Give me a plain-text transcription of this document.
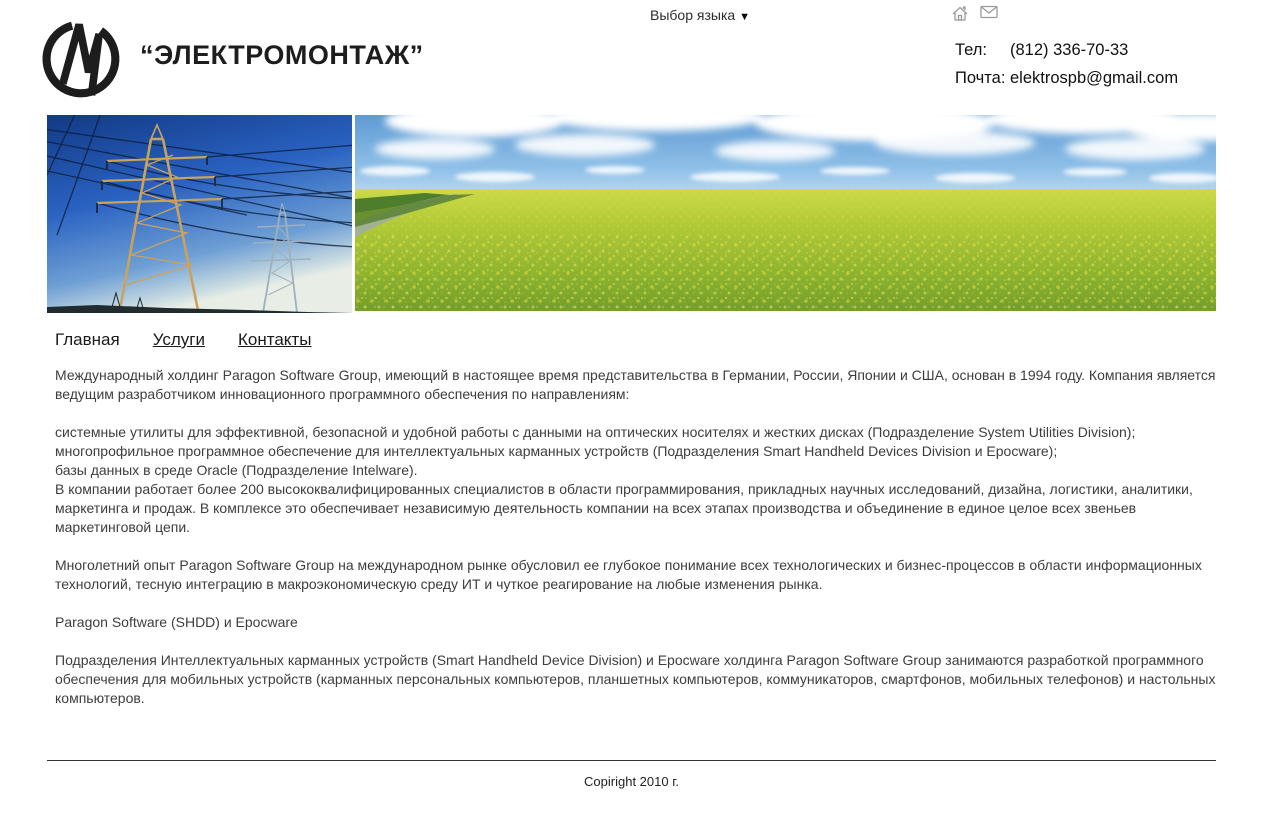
“ЭЛЕКТРОМОНТАЖ”
Выбор языка ▼
Тел: (812) 336-70-33
Почта: elektrospb@gmail.com
Главная Услуги Контакты

Международный холдинг Paragon Software Group, имеющий в настоящее время представительства в Германии, России, Японии и США, основан в 1994 году. Компания является ведущим разработчиком инновационного программного обеспечения по направлениям:

системные утилиты для эффективной, безопасной и удобной работы с данными на оптических носителях и жестких дисках (Подразделение System Utilities Division);
многопрофильное программное обеспечение для интеллектуальных карманных устройств (Подразделения Smart Handheld Devices Division и Epocware);
базы данных в среде Oracle (Подразделение Intelware).
В компании работает более 200 высококвалифицированных специалистов в области программирования, прикладных научных исследований, дизайна, логистики, аналитики, маркетинга и продаж. В комплексе это обеспечивает независимую деятельность компании на всех этапах производства и объединение в единое целое всех звеньев маркетинговой цепи.

Многолетний опыт Paragon Software Group на международном рынке обусловил ее глубокое понимание всех технологических и бизнес-процессов в области информационных технологий, тесную интеграцию в макроэкономическую среду ИТ и чуткое реагирование на любые изменения рынка.

Paragon Software (SHDD) и Epocware

Подразделения Интеллектуальных карманных устройств (Smart Handheld Device Division) и Epocware холдинга Paragon Software Group занимаются разработкой программного обеспечения для мобильных устройств (карманных персональных компьютеров, планшетных компьютеров, коммуникаторов, смартфонов, мобильных телефонов) и настольных компьютеров.

Copiright 2010 г.
